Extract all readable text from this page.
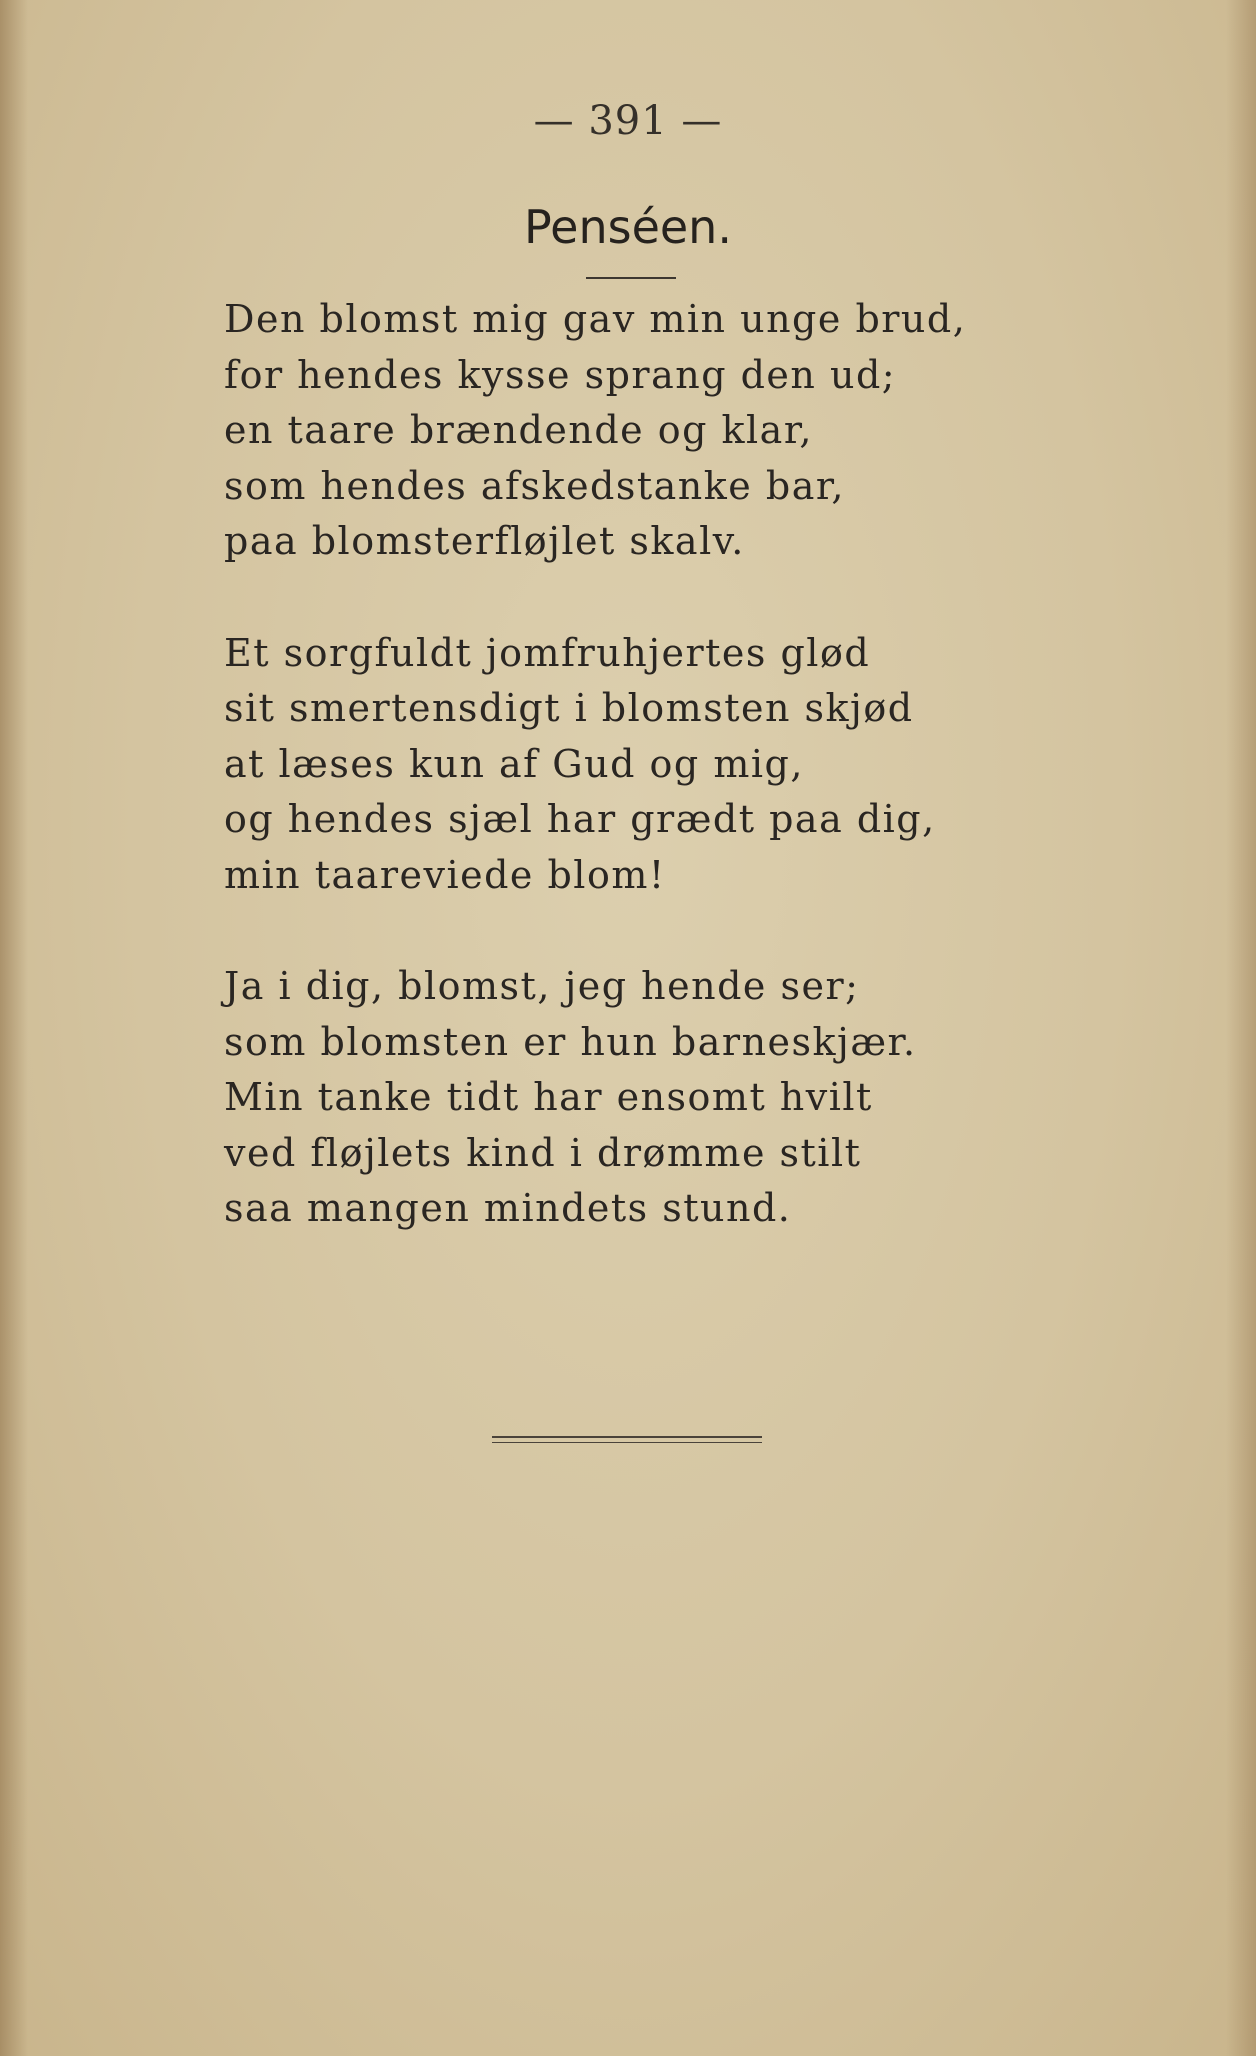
— 391 —
Penséen.
Den blomst mig gav min unge brud,
for hendes kysse sprang den ud;
en taare brændende og klar,
som hendes afskedstanke bar,
paa blomsterfløjlet skalv.
Et sorgfuldt jomfruhjertes glød
sit smertensdigt i blomsten skjød
at læses kun af Gud og mig,
og hendes sjæl har grædt paa dig,
min taareviede blom!
Ja i dig, blomst, jeg hende ser;
som blomsten er hun barneskjær.
Min tanke tidt har ensomt hvilt
ved fløjlets kind i drømme stilt
saa mangen mindets stund.
